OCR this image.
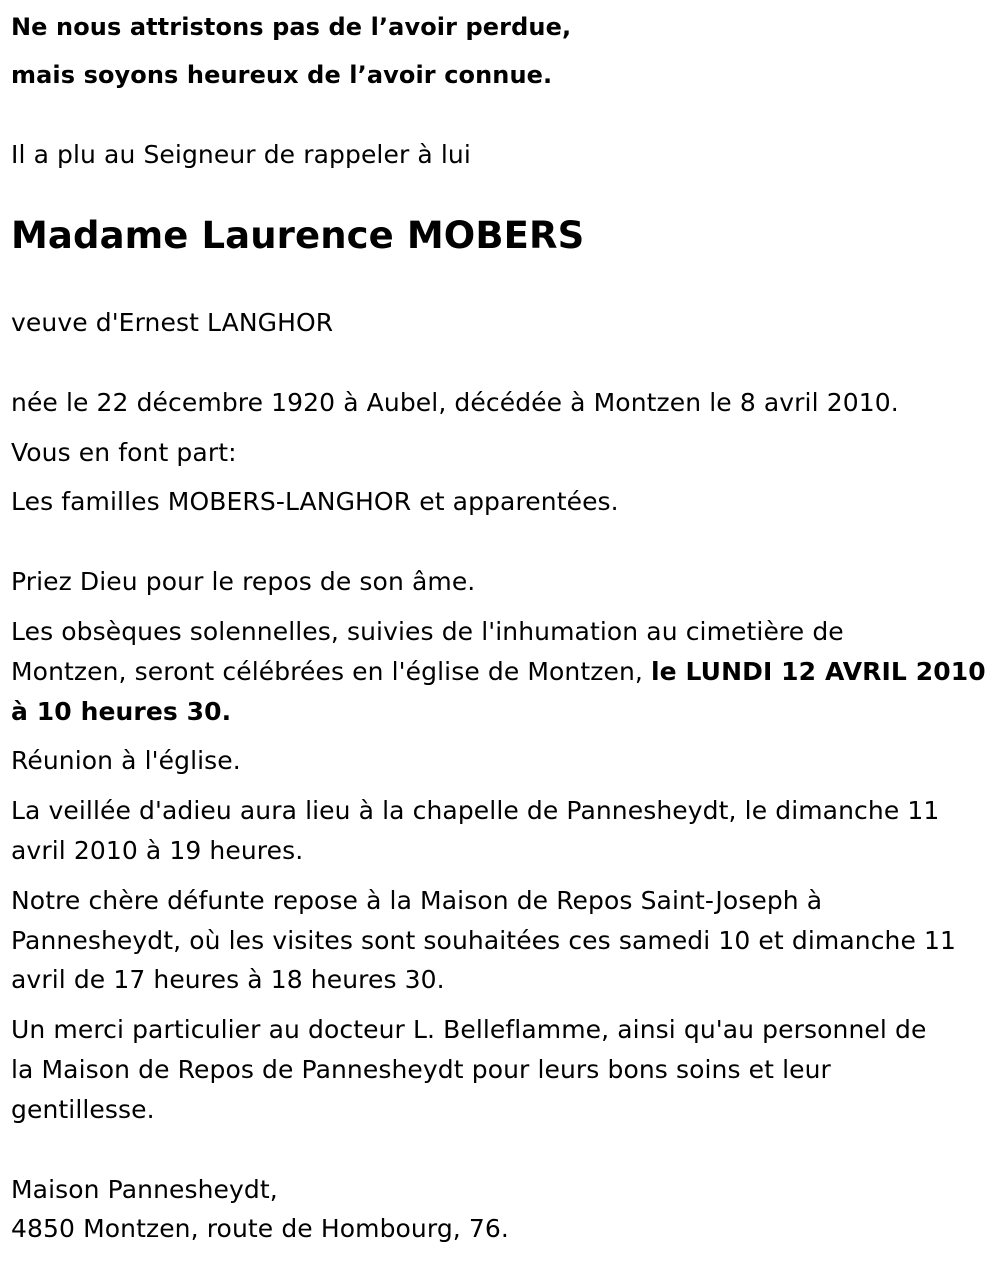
Ne nous attristons pas de l’avoir perdue,
mais soyons heureux de l’avoir connue.
Il a plu au Seigneur de rappeler à lui
Madame Laurence MOBERS
veuve d'Ernest LANGHOR
née le 22 décembre 1920 à Aubel, décédée à Montzen le 8 avril 2010.
Vous en font part:
Les familles MOBERS-LANGHOR et apparentées.
Priez Dieu pour le repos de son âme.
Les obsèques solennelles, suivies de l'inhumation au cimetière de
Montzen, seront célébrées en l'église de Montzen, le LUNDI 12 AVRIL 2010
à 10 heures 30.
Réunion à l'église.
La veillée d'adieu aura lieu à la chapelle de Pannesheydt, le dimanche 11
avril 2010 à 19 heures.
Notre chère défunte repose à la Maison de Repos Saint-Joseph à
Pannesheydt, où les visites sont souhaitées ces samedi 10 et dimanche 11
avril de 17 heures à 18 heures 30.
Un merci particulier au docteur L. Belleflamme, ainsi qu'au personnel de
la Maison de Repos de Pannesheydt pour leurs bons soins et leur
gentillesse.
Maison Pannesheydt,
4850 Montzen, route de Hombourg, 76.
